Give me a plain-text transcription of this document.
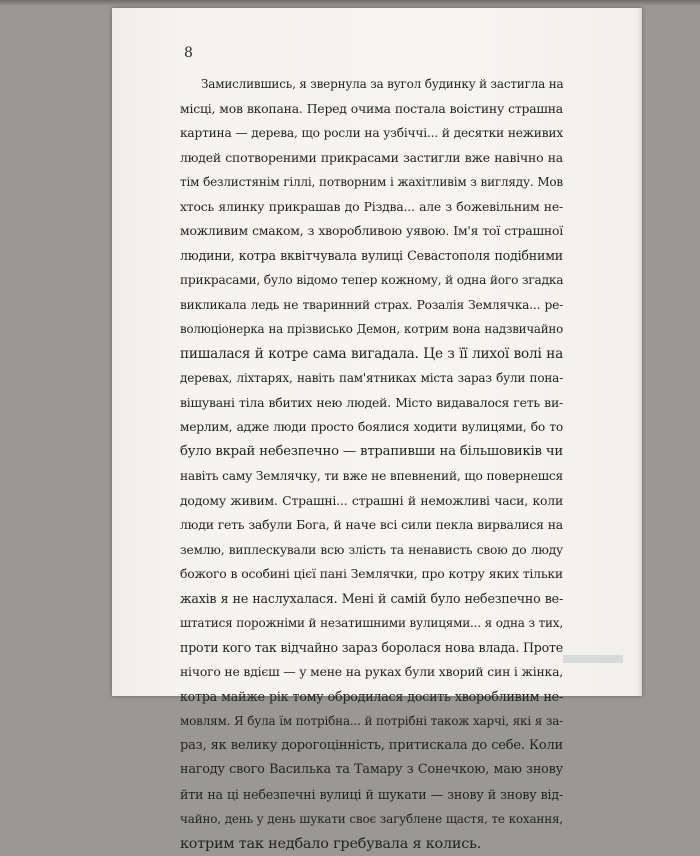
8
Замислившись, я звернула за вугол будинку й застигла на
місці, мов вкопана. Перед очима постала воістину страшна
картина — дерева, що росли на узбіччі... й десятки неживих
людей спотвореними прикрасами застигли вже навічно на
тім безлистянім гіллі, потворним і жахітливім з вигляду. Мов
хтось ялинку прикрашав до Різдва... але з божевільним не-
можливим смаком, з хворобливою уявою. Ім'я тої страшної
людини, котра вквітчувала вулиці Севастополя подібними
прикрасами, було відомо тепер кожному, й одна його згадка
викликала ледь не тваринний страх. Розалія Землячка... ре-
волюціонерка на прізвисько Демон, котрим вона надзвичайно
пишалася й котре сама вигадала. Це з її лихої волі на
деревах, ліхтарях, навіть пам'ятниках міста зараз були пона-
вішувані тіла вбитих нею людей. Місто видавалося геть ви-
мерлим, адже люди просто боялися ходити вулицями, бо то
було вкрай небезпечно — втрапивши на більшовиків чи
навіть саму Землячку, ти вже не впевнений, що повернешся
додому живим. Страшні... страшні й неможливі часи, коли
люди геть забули Бога, й наче всі сили пекла вирвалися на
землю, виплескували всю злість та ненависть свою до люду
божого в особині цієї пані Землячки, про котру яких тільки
жахів я не наслухалася. Мені й самій було небезпечно ве-
штатися порожніми й незатишними вулицями... я одна з тих,
проти кого так відчайно зараз боролася нова влада. Проте
нічого не вдієш — у мене на руках були хворий син і жінка,
котра майже рік тому обродилася досить хворобливим не-
мовлям. Я була їм потрібна... й потрібні також харчі, які я за-
раз, як велику дорогоцінність, притискала до себе. Коли
нагоду свого Василька та Тамару з Сонечкою, маю знову
йти на ці небезпечні вулиці й шукати — знову й знову від-
чайно, день у день шукати своє загублене щастя, те кохання,
котрим так недбало гребувала я колись.
